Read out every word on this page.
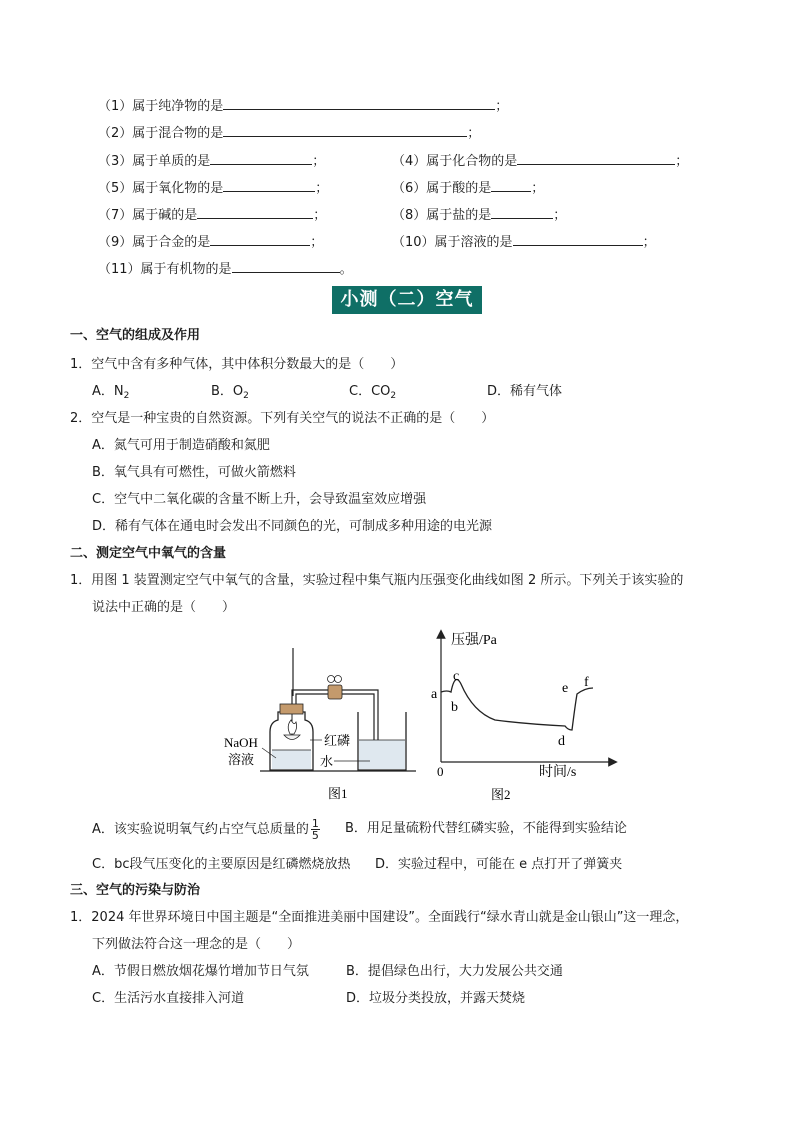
（1）属于纯净物的是	；
（2）属于混合物的是	；
（3）属于单质的是	；	（4）属于化合物的是	；
（5）属于氧化物的是	；	（6）属于酸的是	；
（7）属于碱的是	；	（8）属于盐的是	；
（9）属于合金的是	；	（10）属于溶液的是	；
（11）属于有机物的是	。
小测（二）空气
一、空气的组成及作用
1．空气中含有多种气体，其中体积分数最大的是（　　）
A．$N_2$	B．$O_2$	C．$CO_2$	D．稀有气体
2．空气是一种宝贵的自然资源。下列有关空气的说法不正确的是（　　）
A．氮气可用于制造硝酸和氮肥
B．氧气具有可燃性，可做火箭燃料
C．空气中二氧化碳的含量不断上升，会导致温室效应增强
D．稀有气体在通电时会发出不同颜色的光，可制成多种用途的电光源
二、测定空气中氧气的含量
1．用图 1 装置测定空气中氧气的含量，实验过程中集气瓶内压强变化曲线如图 2 所示。下列关于该实验的
说法中正确的是（　　）
NaOH
溶液
红磷
水
图1
压强/Pa
时间/s
0
a
b
c
d
e f
图2
A．该实验说明氧气约占空气总质量的 $\frac{1}{5}$ B．用足量硫粉代替红磷实验，不能得到实验结论
C．bc段气压变化的主要原因是红磷燃烧放热 D．实验过程中，可能在 e 点打开了弹簧夹
三、空气的污染与防治
1．2024 年世界环境日中国主题是“全面推进美丽中国建设”。全面践行“绿水青山就是金山银山”这一理念，
下列做法符合这一理念的是（　　）
A．节假日燃放烟花爆竹增加节日气氛	B．提倡绿色出行，大力发展公共交通
C．生活污水直接排入河道	D．垃圾分类投放，并露天焚烧
